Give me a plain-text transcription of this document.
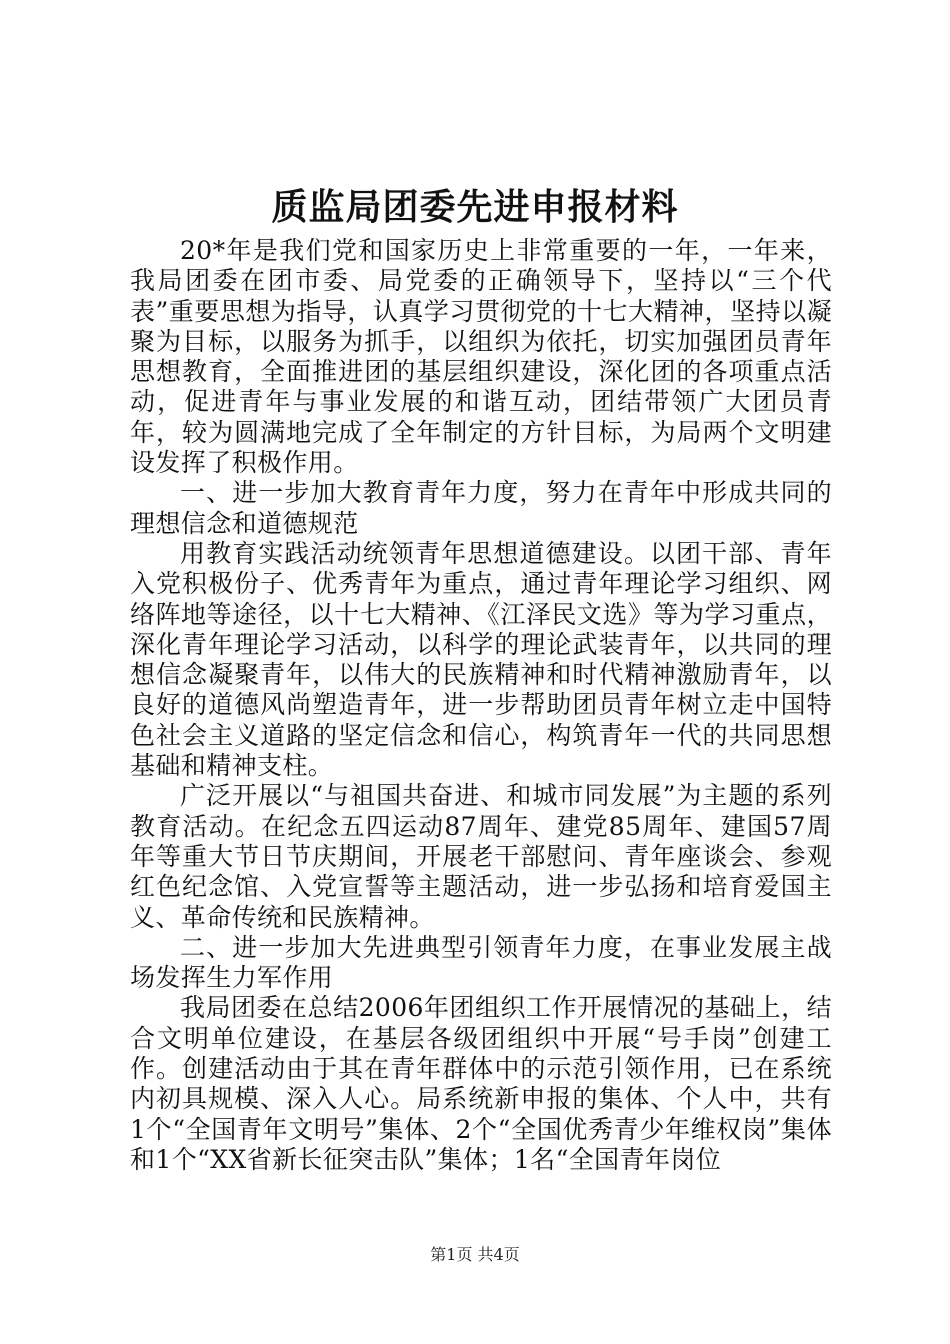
质监局团委先进申报材料

20*年是我们党和国家历史上非常重要的一年，一年来，我局团委在团市委、局党委的正确领导下，坚持以“三个代表”重要思想为指导，认真学习贯彻党的十七大精神，坚持以凝聚为目标，以服务为抓手，以组织为依托，切实加强团员青年思想教育，全面推进团的基层组织建设，深化团的各项重点活动，促进青年与事业发展的和谐互动，团结带领广大团员青年，较为圆满地完成了全年制定的方针目标，为局两个文明建设发挥了积极作用。

一、进一步加大教育青年力度，努力在青年中形成共同的理想信念和道德规范

用教育实践活动统领青年思想道德建设。以团干部、青年入党积极份子、优秀青年为重点，通过青年理论学习组织、网络阵地等途径，以十七大精神、《江泽民文选》等为学习重点，深化青年理论学习活动，以科学的理论武装青年，以共同的理想信念凝聚青年，以伟大的民族精神和时代精神激励青年，以良好的道德风尚塑造青年，进一步帮助团员青年树立走中国特色社会主义道路的坚定信念和信心，构筑青年一代的共同思想基础和精神支柱。

广泛开展以“与祖国共奋进、和城市同发展”为主题的系列教育活动。在纪念五四运动87周年、建党85周年、建国57周年等重大节日节庆期间，开展老干部慰问、青年座谈会、参观红色纪念馆、入党宣誓等主题活动，进一步弘扬和培育爱国主义、革命传统和民族精神。

二、进一步加大先进典型引领青年力度，在事业发展主战场发挥生力军作用

我局团委在总结2006年团组织工作开展情况的基础上，结合文明单位建设，在基层各级团组织中开展“号手岗”创建工作。创建活动由于其在青年群体中的示范引领作用，已在系统内初具规模、深入人心。局系统新申报的集体、个人中，共有1个“全国青年文明号”集体、2个“全国优秀青少年维权岗”集体和1个“XX省新长征突击队”集体；1名“全国青年岗位

第1页 共4页
